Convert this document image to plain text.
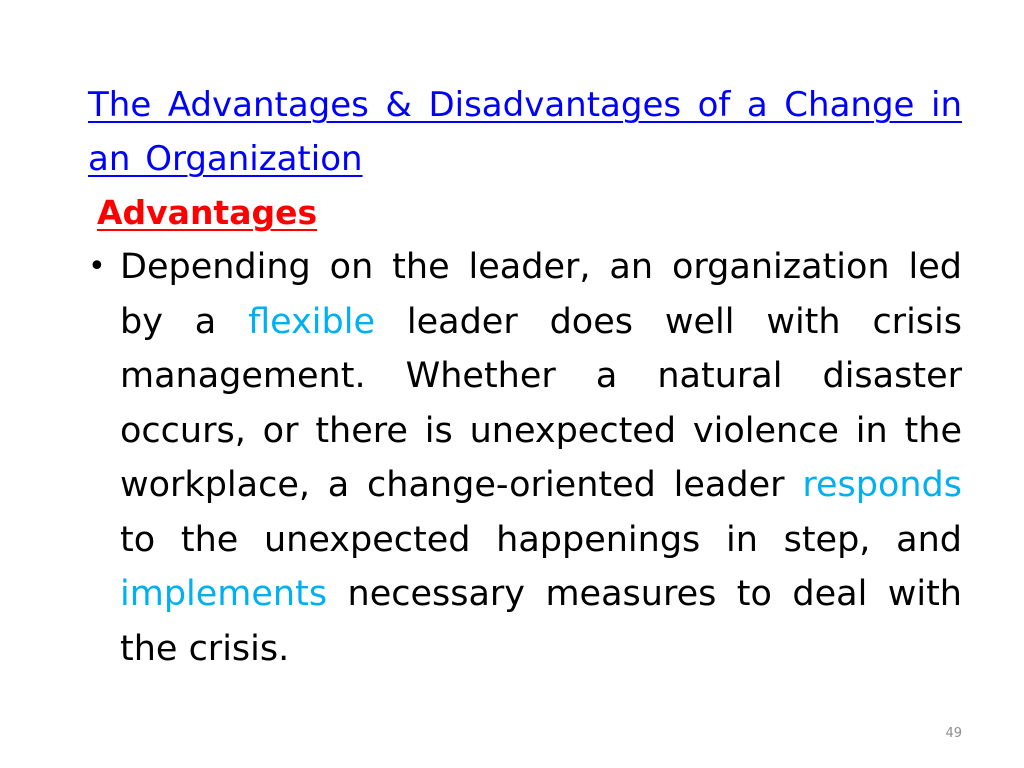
The Advantages & Disadvantages of a Change in an Organization
Advantages
• Depending on the leader, an organization led by a flexible leader does well with crisis management. Whether a natural disaster occurs, or there is unexpected violence in the workplace, a change-oriented leader responds to the unexpected happenings in step, and implements necessary measures to deal with the crisis.
49
